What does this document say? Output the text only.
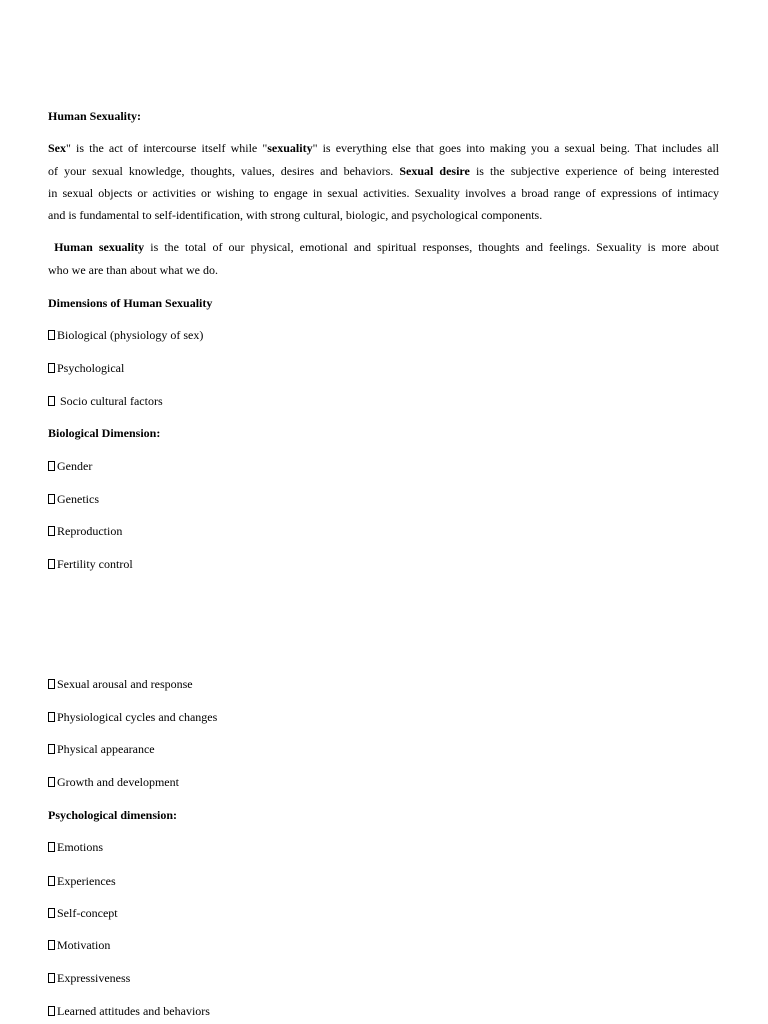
Human Sexuality:
Sex" is the act of intercourse itself while "sexuality" is everything else that goes into making you a sexual being. That includes all
of your sexual knowledge, thoughts, values, desires and behaviors. Sexual desire is the subjective experience of being interested
in sexual objects or activities or wishing to engage in sexual activities. Sexuality involves a broad range of expressions of intimacy
and is fundamental to self-identification, with strong cultural, biologic, and psychological components.
Human sexuality is the total of our physical, emotional and spiritual responses, thoughts and feelings. Sexuality is more about
who we are than about what we do.
Dimensions of Human Sexuality
Biological (physiology of sex)
Psychological
Socio cultural factors
Biological Dimension:
Gender
Genetics
Reproduction
Fertility control
Sexual arousal and response
Physiological cycles and changes
Physical appearance
Growth and development
Psychological dimension:
Emotions
Experiences
Self-concept
Motivation
Expressiveness
Learned attitudes and behaviors
